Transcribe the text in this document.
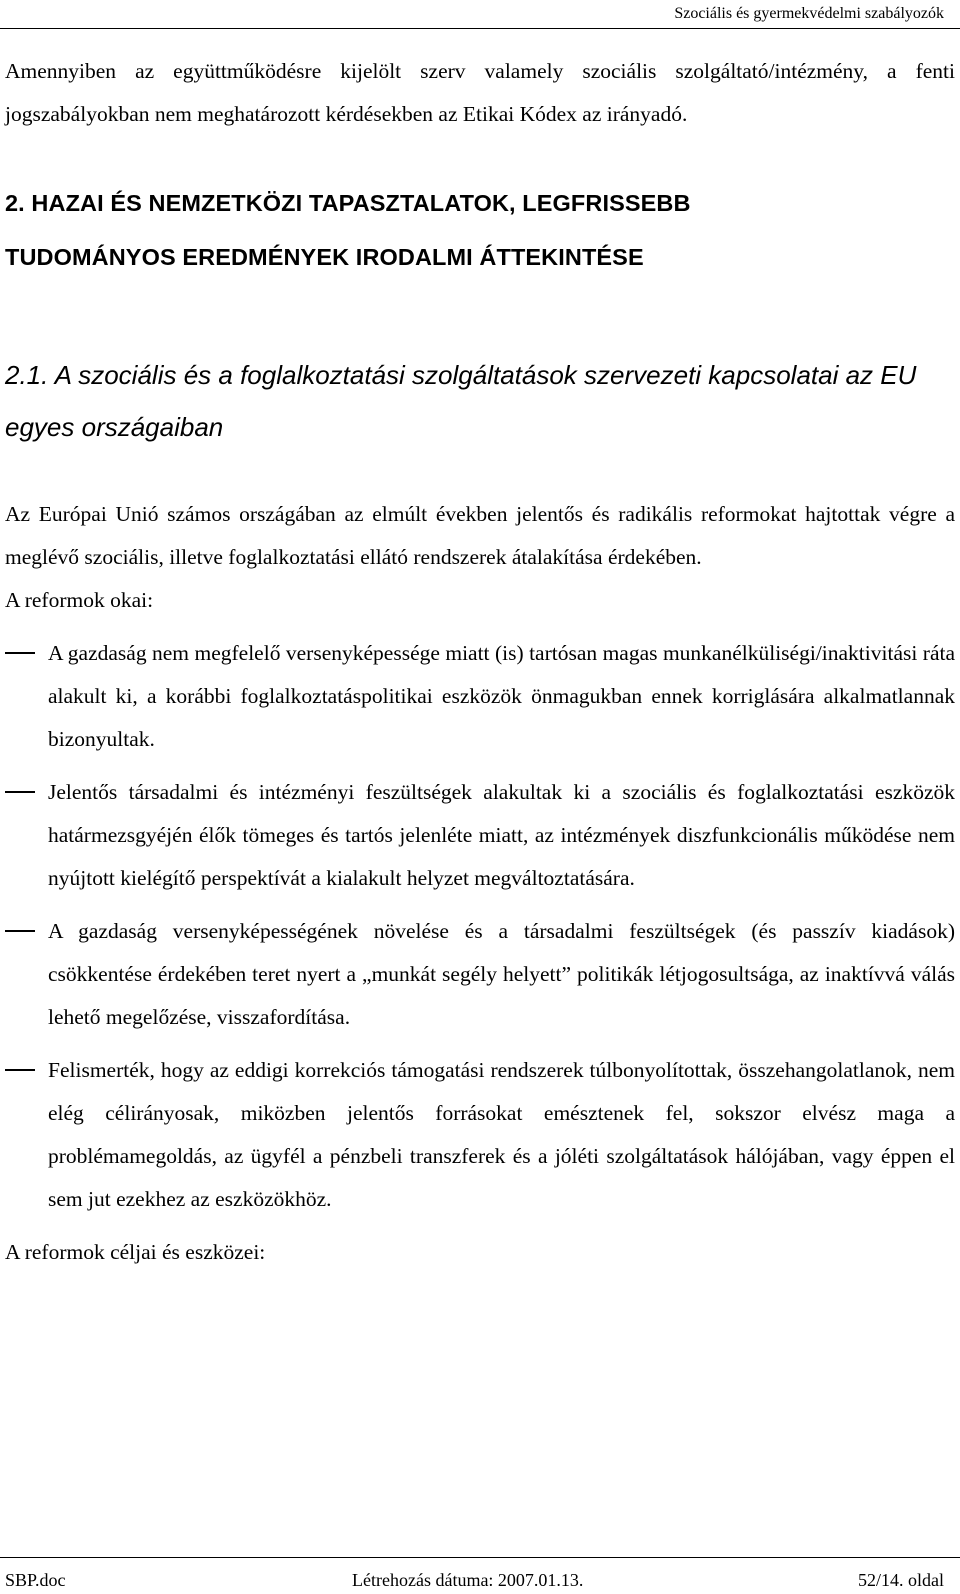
Szociális és gyermekvédelmi szabályozók

Amennyiben az együttműködésre kijelölt szerv valamely szociális szolgáltató/intézmény, a fenti jogszabályokban nem meghatározott kérdésekben az Etikai Kódex az irányadó.

2. HAZAI ÉS NEMZETKÖZI TAPASZTALATOK, LEGFRISSEBB
TUDOMÁNYOS EREDMÉNYEK IRODALMI ÁTTEKINTÉSE
2.1. A szociális és a foglalkoztatási szolgáltatások szervezeti kapcsolatai az EU egyes országaiban

Az Európai Unió számos országában az elmúlt években jelentős és radikális reformokat hajtottak végre a meglévő szociális, illetve foglalkoztatási ellátó rendszerek átalakítása érdekében.

A reformok okai:

A gazdaság nem megfelelő versenyképessége miatt (is) tartósan magas munkanélküliségi/inaktivitási ráta alakult ki, a korábbi foglalkoztatáspolitikai eszközök önmagukban ennek korriglására alkalmatlannak bizonyultak.

Jelentős társadalmi és intézményi feszültségek alakultak ki a szociális és foglalkoztatási eszközök határmezsgyéjén élők tömeges és tartós jelenléte miatt, az intézmények diszfunkcionális működése nem nyújtott kielégítő perspektívát a kialakult helyzet megváltoztatására.

A gazdaság versenyképességének növelése és a társadalmi feszültségek (és passzív kiadások) csökkentése érdekében teret nyert a „munkát segély helyett” politikák létjogosultsága, az inaktívvá válás lehető megelőzése, visszafordítása.

Felismerték, hogy az eddigi korrekciós támogatási rendszerek túlbonyolítottak, összehangolatlanok, nem elég célirányosak, miközben jelentős forrásokat emésztenek fel, sokszor elvész maga a problémamegoldás, az ügyfél a pénzbeli transzferek és a jóléti szolgáltatások hálójában, vagy éppen el sem jut ezekhez az eszközökhöz.

A reformok céljai és eszközei:

SBP.doc	Létrehozás dátuma: 2007.01.13.	52/14. oldal
